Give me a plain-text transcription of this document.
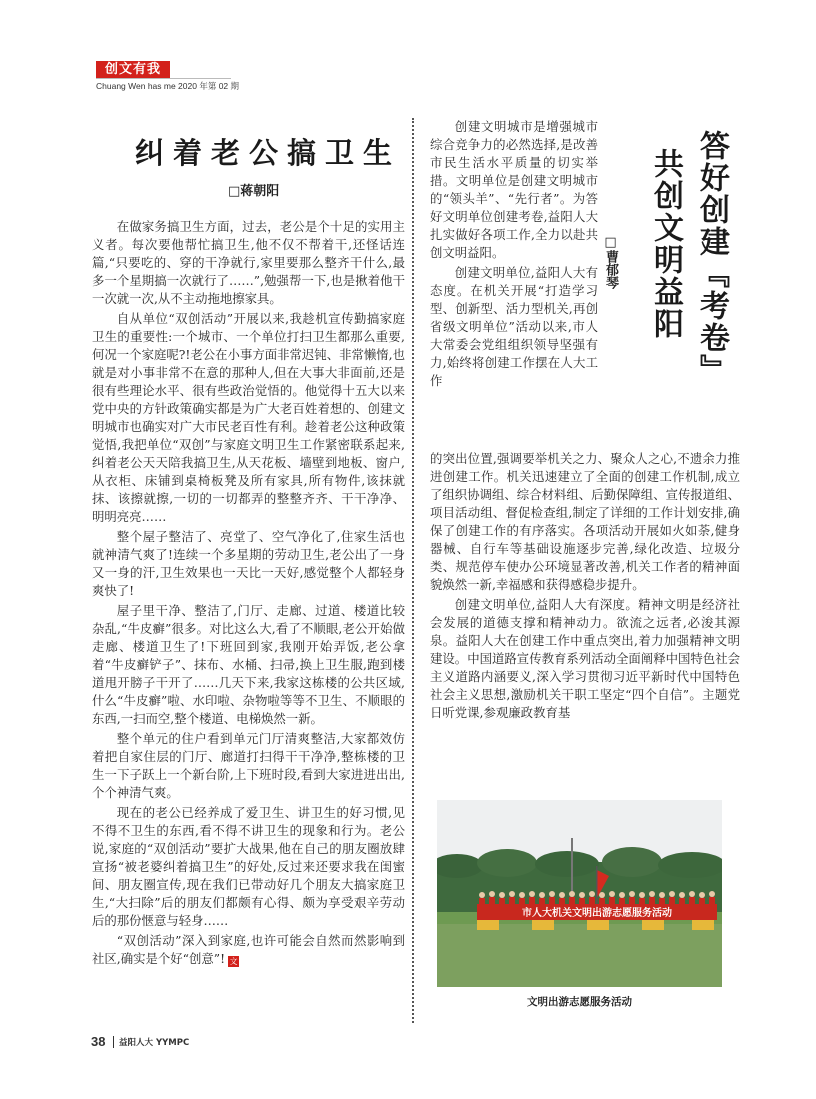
创文有我
Chuang Wen has me 2020 年第 02 期
纠着老公搞卫生
□蒋朝阳

在做家务搞卫生方面，过去，老公是个十足的实用主义者。每次要他帮忙搞卫生,他不仅不帮着干,还怪话连篇,“只要吃的、穿的干净就行,家里要那么整齐干什么,最多一个星期搞一次就行了……”,勉强帮一下,也是揪着他干一次就一次,从不主动拖地擦家具。

自从单位“双创活动”开展以来,我趁机宣传勤搞家庭卫生的重要性:一个城市、一个单位打扫卫生都那么重要,何况一个家庭呢?!老公在小事方面非常迟钝、非常懒惰,也就是对小事非常不在意的那种人,但在大事大非面前,还是很有些理论水平、很有些政治觉悟的。他觉得十五大以来党中央的方针政策确实都是为广大老百姓着想的、创建文明城市也确实对广大市民老百性有利。趁着老公这种政策觉悟,我把单位“双创”与家庭文明卫生工作紧密联系起来,纠着老公天天陪我搞卫生,从天花板、墙壁到地板、窗户,从衣柜、床铺到桌椅板凳及所有家具,所有物件,该抹就抹、该擦就擦,一切的一切都弄的整整齐齐、干干净净、明明亮亮……

整个屋子整洁了、亮堂了、空气净化了,住家生活也就神清气爽了!连续一个多星期的劳动卫生,老公出了一身又一身的汗,卫生效果也一天比一天好,感觉整个人都轻身爽快了!

屋子里干净、整洁了,门厅、走廊、过道、楼道比较杂乱,“牛皮癣”很多。对比这么大,看了不顺眼,老公开始做走廊、楼道卫生了!下班回到家,我刚开始弄饭,老公拿着“牛皮癣铲子”、抹布、水桶、扫帚,换上卫生服,跑到楼道甩开膀子干开了……几天下来,我家这栋楼的公共区域,什么“牛皮癣”啦、水印啦、杂物啦等等不卫生、不顺眼的东西,一扫而空,整个楼道、电梯焕然一新。

整个单元的住户看到单元门厅清爽整洁,大家都效仿着把自家住层的门厅、廊道打扫得干干净净,整栋楼的卫生一下子跃上一个新台阶,上下班时段,看到大家进进出出,个个神清气爽。

现在的老公已经养成了爱卫生、讲卫生的好习惯,见不得不卫生的东西,看不得不讲卫生的现象和行为。老公说,家庭的“双创活动”要扩大战果,他在自己的朋友圈放肆宣扬“被老婆纠着搞卫生”的好处,反过来还要求我在闺蜜间、朋友圈宣传,现在我们已带动好几个朋友大搞家庭卫生,“大扫除”后的朋友们都颇有心得、颇为享受艰辛劳动后的那份惬意与轻身……

“双创活动”深入到家庭,也许可能会自然而然影响到社区,确实是个好“创意”! 文

答好创建『考卷』
共创文明益阳
□曹郁琴

创建文明城市是增强城市综合竞争力的必然选择,是改善市民生活水平质量的切实举措。文明单位是创建文明城市的“领头羊”、“先行者”。为答好文明单位创建考卷,益阳人大扎实做好各项工作,全力以赴共创文明益阳。

创建文明单位,益阳人大有态度。在机关开展“打造学习型、创新型、活力型机关,再创省级文明单位”活动以来,市人大常委会党组组织领导坚强有力,始终将创建工作摆在人大工作

的突出位置,强调要举机关之力、聚众人之心,不遗余力推进创建工作。机关迅速建立了全面的创建工作机制,成立了组织协调组、综合材料组、后勤保障组、宣传报道组、项目活动组、督促检查组,制定了详细的工作计划安排,确保了创建工作的有序落实。各项活动开展如火如荼,健身器械、自行车等基础设施逐步完善,绿化改造、垃圾分类、规范停车使办公环境显著改善,机关工作者的精神面貌焕然一新,幸福感和获得感稳步提升。

创建文明单位,益阳人大有深度。精神文明是经济社会发展的道德支撑和精神动力。欲流之远者,必浚其源泉。益阳人大在创建工作中重点突出,着力加强精神文明建设。中国道路宣传教育系列活动全面阐释中国特色社会主义道路内涵要义,深入学习贯彻习近平新时代中国特色社会主义思想,激励机关干职工坚定“四个自信”。主题党日听党课,参观廉政教育基

市人大机关文明出游志愿服务活动
文明出游志愿服务活动
38 益阳人大 YYMPC
